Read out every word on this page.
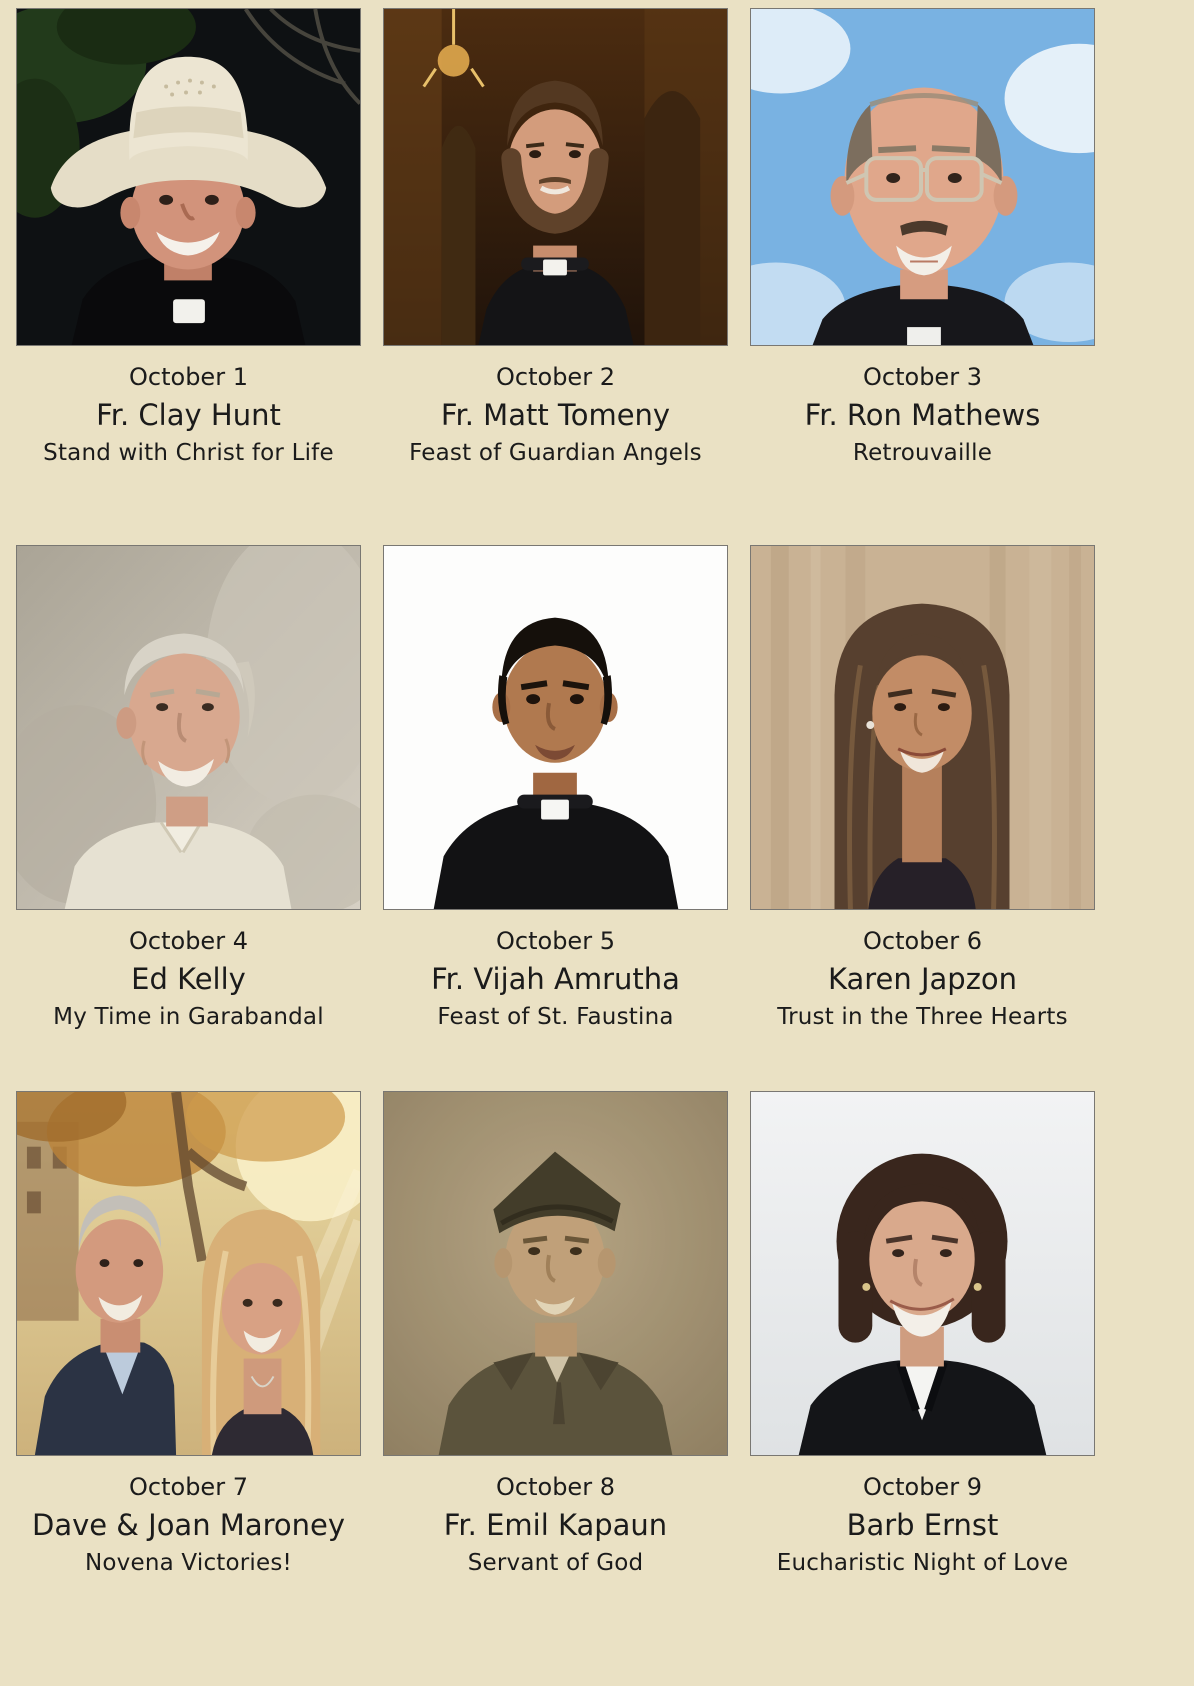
October 1
Fr. Clay Hunt
Stand with Christ for Life
October 2
Fr. Matt Tomeny
Feast of Guardian Angels
October 3
Fr. Ron Mathews
Retrouvaille
October 4
Ed Kelly
My Time in Garabandal
October 5
Fr. Vijah Amrutha
Feast of St. Faustina
October 6
Karen Japzon
Trust in the Three Hearts
October 7
Dave & Joan Maroney
Novena Victories!
October 8
Fr. Emil Kapaun
Servant of God
October 9
Barb Ernst
Eucharistic Night of Love
